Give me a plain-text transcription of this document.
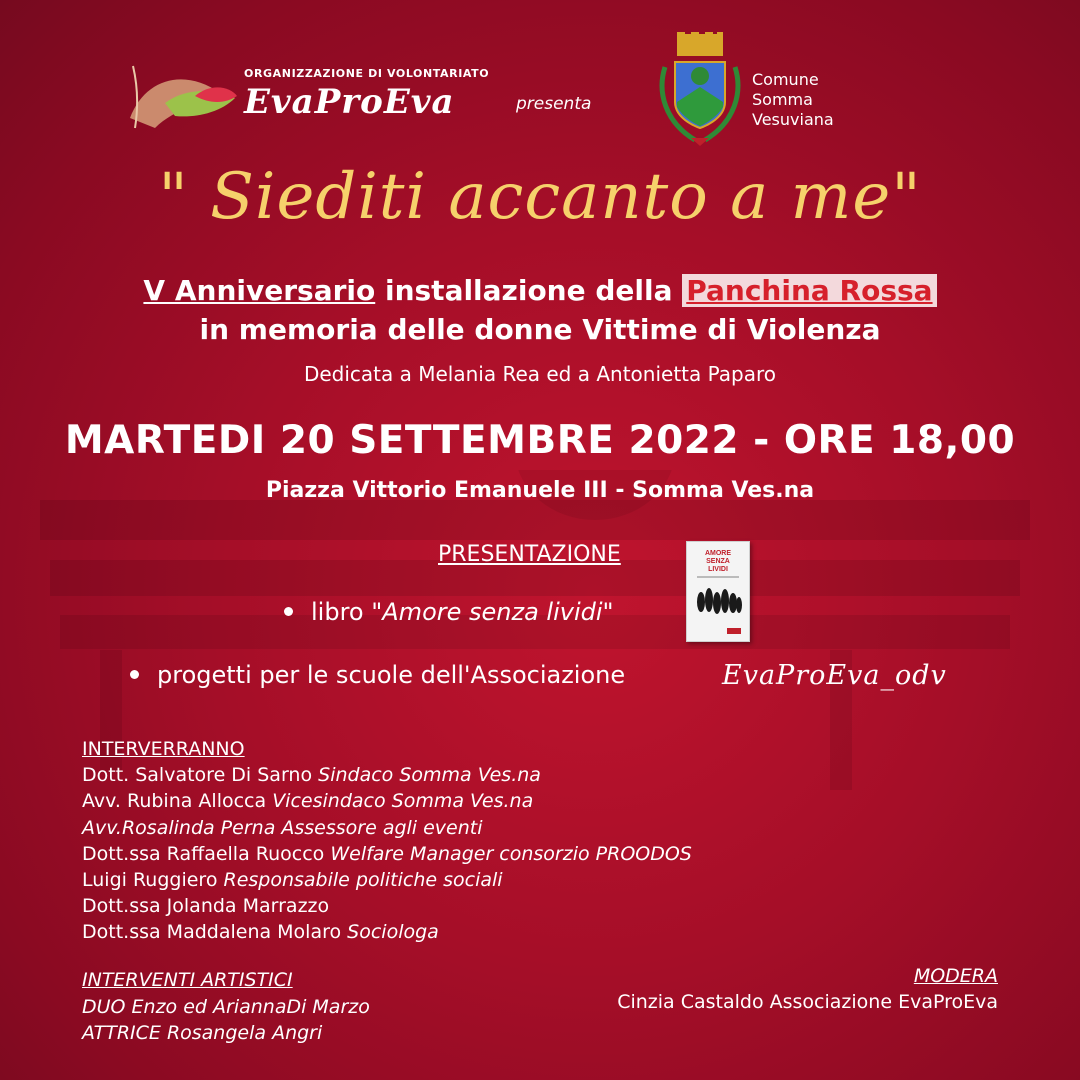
ORGANIZZAZIONE DI VOLONTARIATO
EvaProEva	presenta
Comune
Somma
Vesuviana
" Siediti accanto a me"
V Anniversario installazione della Panchina Rossa
in memoria delle donne Vittime di Violenza
Dedicata a Melania Rea ed a Antonietta Paparo
MARTEDI 20 SETTEMBRE 2022 - ORE 18,00
Piazza Vittorio Emanuele III - Somma Ves.na
PRESENTAZIONE	AMORE
SENZA
LIVIDI
libro "Amore senza lividi"
progetti per le scuole dell'Associazione	EvaProEva_odv
INTERVERRANNO
Dott. Salvatore Di Sarno Sindaco Somma Ves.na
Avv. Rubina Allocca Vicesindaco Somma Ves.na
Avv.Rosalinda Perna Assessore agli eventi
Dott.ssa Raffaella Ruocco Welfare Manager consorzio PROODOS
Luigi Ruggiero Responsabile politiche sociali
Dott.ssa Jolanda Marrazzo
Dott.ssa Maddalena Molaro Sociologa
INTERVENTI ARTISTICI
DUO Enzo ed AriannaDi Marzo
ATTRICE Rosangela Angri
MODERA
Cinzia Castaldo Associazione EvaProEva
